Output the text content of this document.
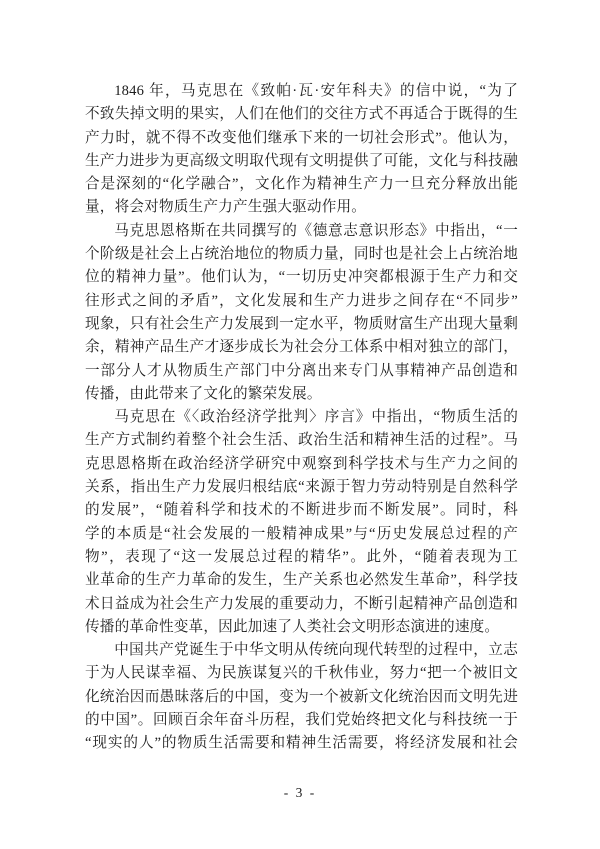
1846 年，马克思在《致帕·瓦·安年科夫》的信中说，“为了
不致失掉文明的果实，人们在他们的交往方式不再适合于既得的生
产力时，就不得不改变他们继承下来的一切社会形式”。他认为，
生产力进步为更高级文明取代现有文明提供了可能，文化与科技融
合是深刻的“化学融合”，文化作为精神生产力一旦充分释放出能
量，将会对物质生产力产生强大驱动作用。
马克思恩格斯在共同撰写的《德意志意识形态》中指出，“一
个阶级是社会上占统治地位的物质力量，同时也是社会上占统治地
位的精神力量”。他们认为，“一切历史冲突都根源于生产力和交
往形式之间的矛盾”，文化发展和生产力进步之间存在“不同步”
现象，只有社会生产力发展到一定水平，物质财富生产出现大量剩
余，精神产品生产才逐步成长为社会分工体系中相对独立的部门，
一部分人才从物质生产部门中分离出来专门从事精神产品创造和
传播，由此带来了文化的繁荣发展。
马克思在《〈政治经济学批判〉序言》中指出，“物质生活的
生产方式制约着整个社会生活、政治生活和精神生活的过程”。马
克思恩格斯在政治经济学研究中观察到科学技术与生产力之间的
关系，指出生产力发展归根结底“来源于智力劳动特别是自然科学
的发展”，“随着科学和技术的不断进步而不断发展”。同时，科
学的本质是“社会发展的一般精神成果”与“历史发展总过程的产
物”，表现了“这一发展总过程的精华”。此外，“随着表现为工
业革命的生产力革命的发生，生产关系也必然发生革命”，科学技
术日益成为社会生产力发展的重要动力，不断引起精神产品创造和
传播的革命性变革，因此加速了人类社会文明形态演进的速度。
中国共产党诞生于中华文明从传统向现代转型的过程中，立志
于为人民谋幸福、为民族谋复兴的千秋伟业，努力“把一个被旧文
化统治因而愚昧落后的中国，变为一个被新文化统治因而文明先进
的中国”。回顾百余年奋斗历程，我们党始终把文化与科技统一于
“现实的人”的物质生活需要和精神生活需要，将经济发展和社会
- 3 -
